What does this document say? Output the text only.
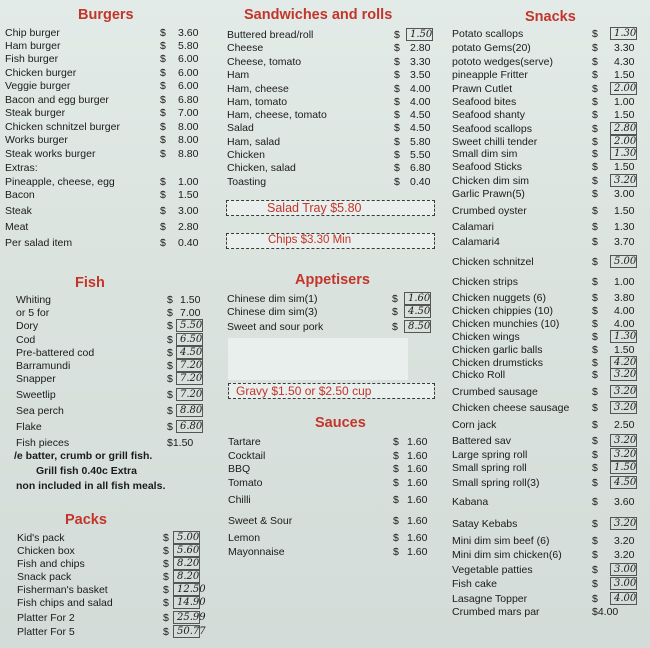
Burgers	Sandwiches and rolls	Snacks
Fish	Appetisers
Sauces
Packs
Chip burger	$ 3.60
Ham burger	$ 5.80
Fish burger	$ 6.00
Chicken burger	$ 6.00
Veggie burger	$ 6.00
Bacon and egg burger	$ 6.80
Steak burger	$ 7.00
Chicken schnitzel burger	$ 8.00
Works burger	$ 8.00
Steak works burger	$ 8.80
Extras:
Pineapple, cheese, egg	$ 1.00
Bacon	$ 1.50
Steak	$ 3.00
Meat	$ 2.80
Per salad item	$ 0.40
Buttered bread/roll	$ 1.50
Cheese	$ 2.80
Cheese, tomato	$ 3.30
Ham	$ 3.50
Ham, cheese	$ 4.00
Ham, tomato	$ 4.00
Ham, cheese, tomato	$ 4.50
Salad	$ 4.50
Ham, salad	$ 5.80
Chicken	$ 5.50
Chicken, salad	$ 6.80
Toasting	$ 0.40
Potato scallops	$ 1.30
potato Gems(20)	$ 3.30
pototo wedges(serve)	$ 4.30
pineapple Fritter	$ 1.50
Prawn Cutlet	$ 2.00
Seafood bites	$ 1.00
Seafood shanty	$ 1.50
Seafood scallops	$ 2.80
Sweet chilli tender	$ 2.00
Small dim sim	$ 1.30
Seafood Sticks	$ 1.50
Chicken dim sim	$ 3.20
Garlic Prawn(5)	$ 3.00
Crumbed oyster	$ 1.50
Calamari	$ 1.30
Calamari4	$ 3.70
Chicken schnitzel	$ 5.00
Chicken strips	$ 1.00
Chicken nuggets (6)	$ 3.80
Chicken chippies (10)	$ 4.00
Chicken munchies (10)	$ 4.00
Chicken wings	$ 1.30
Chicken garlic balls	$ 1.50
Chicken drumsticks	$ 4.20
Chicko Roll	$ 3.20
Crumbed sausage	$ 3.20
Chicken cheese sausage $ 3.20
Corn jack	$ 2.50
Battered sav	$ 3.20
Large spring roll	$ 3.20
Small spring roll	$ 1.50
Small spring roll(3)	$ 4.50
Kabana	$ 3.60
Satay Kebabs	$ 3.20
Mini dim sim beef (6)	$ 3.20
Mini dim sim chicken(6)	$ 3.20
Vegetable patties	$ 3.00
Fish cake	$ 3.00
Lasagne Topper	$ 4.00
Crumbed mars par	$4.00
Whiting	$ 1.50
or 5 for	$ 7.00
Dory	$ 5.50
Cod	$ 6.50
Pre-battered cod	$ 4.50
Barramundi	$ 7.20
Snapper	$ 7.20
Sweetlip	$ 7.20
Sea perch	$ 8.80
Flake	$ 6.80
Fish pieces	$1.50
Chinese dim sim(1)	$ 1.60
Chinese dim sim(3)	$ 4.50
Sweet and sour pork	$ 8.50
Tartare	$ 1.60
Cocktail	$ 1.60
BBQ	$ 1.60
Tomato	$ 1.60
Chilli	$ 1.60
Sweet & Sour	$ 1.60
Lemon	$ 1.60
Mayonnaise	$ 1.60
Kid's pack	$ 5.00
Chicken box	$ 5.60
Fish and chips	$ 8.20
Snack pack	$ 8.20
Fisherman's basket	$ 12.50
Fish chips and salad	$ 14.90
Platter For 2	$ 25.99
Platter For 5	$ 50.77
Salad Tray $5.80
Chips $3.30 Min
Gravy $1.50 or $2.50 cup
/e batter, crumb or grill fish.
Grill fish 0.40c Extra
non included in all fish meals.
